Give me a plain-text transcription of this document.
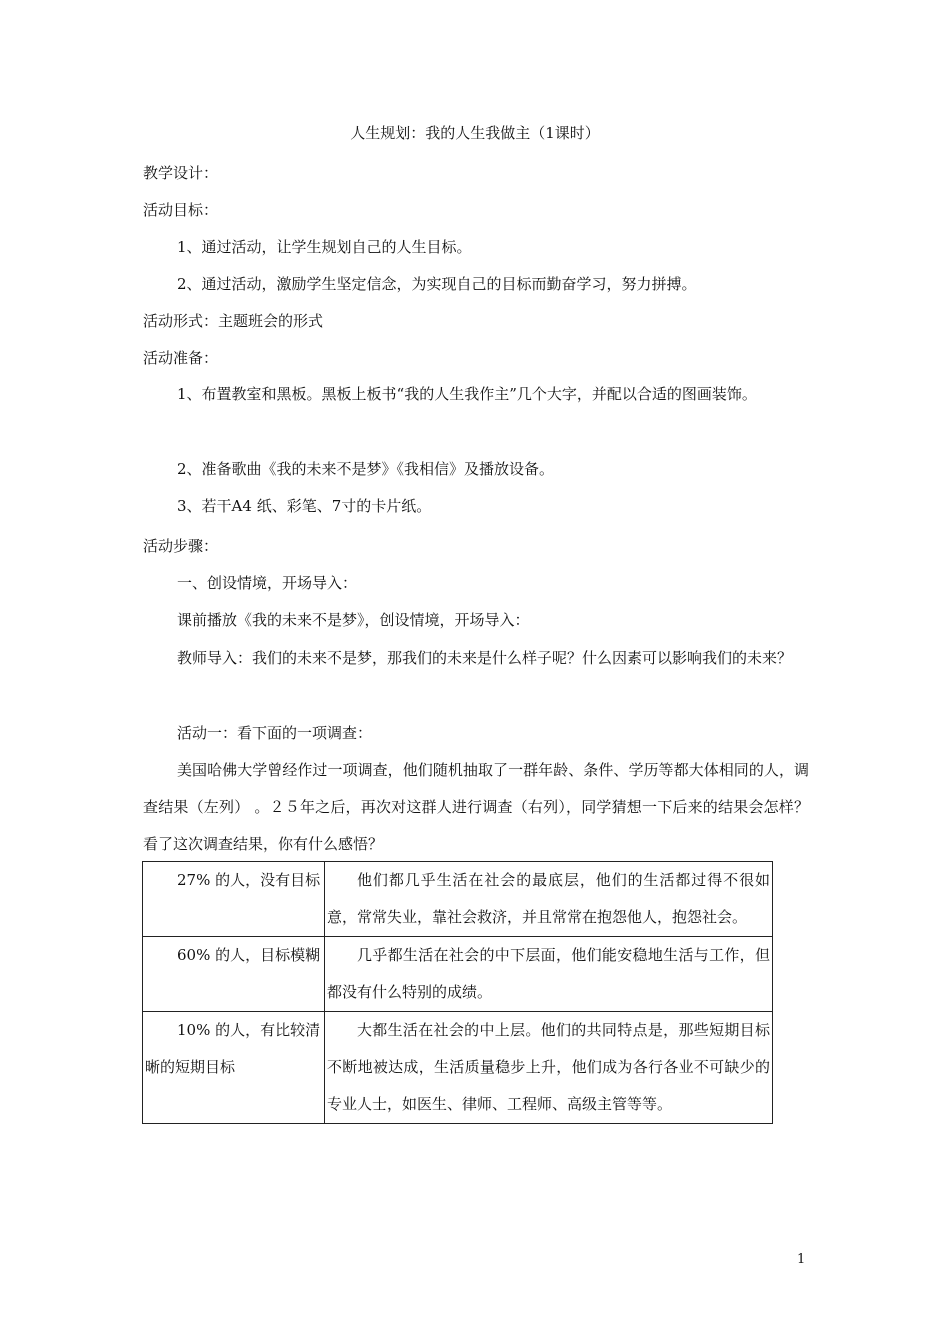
人生规划：我的人生我做主（1课时）
教学设计：
活动目标：
1、通过活动，让学生规划自己的人生目标。
2、通过活动，激励学生坚定信念，为实现自己的目标而勤奋学习，努力拼搏。
活动形式：主题班会的形式
活动准备：
1、布置教室和黑板。黑板上板书“我的人生我作主”几个大字，并配以合适的图画装饰。
2、准备歌曲《我的未来不是梦》《我相信》及播放设备。
3、若干A4 纸、彩笔、7寸的卡片纸。
活动步骤：
一、创设情境，开场导入：
课前播放《我的未来不是梦》，创设情境，开场导入：
教师导入：我们的未来不是梦，那我们的未来是什么样子呢？什么因素可以影响我们的未来？
活动一：看下面的一项调查：
美国哈佛大学曾经作过一项调查，他们随机抽取了一群年龄、条件、学历等都大体相同的人，调查结果（左列） 。２５年之后，再次对这群人进行调查（右列），同学猜想一下后来的结果会怎样？ 看了这次调查结果，你有什么感悟？
27% 的人，没有目标	他们都几乎生活在社会的最底层，他们的生活都过得不很如意，常常失业，靠社会救济，并且常常在抱怨他人，抱怨社会。
60% 的人，目标模糊	几乎都生活在社会的中下层面，他们能安稳地生活与工作，但都没有什么特别的成绩。
10% 的人，有比较清晰的短期目标	大都生活在社会的中上层。他们的共同特点是，那些短期目标不断地被达成，生活质量稳步上升，他们成为各行各业不可缺少的专业人士，如医生、律师、工程师、高级主管等等。
1
